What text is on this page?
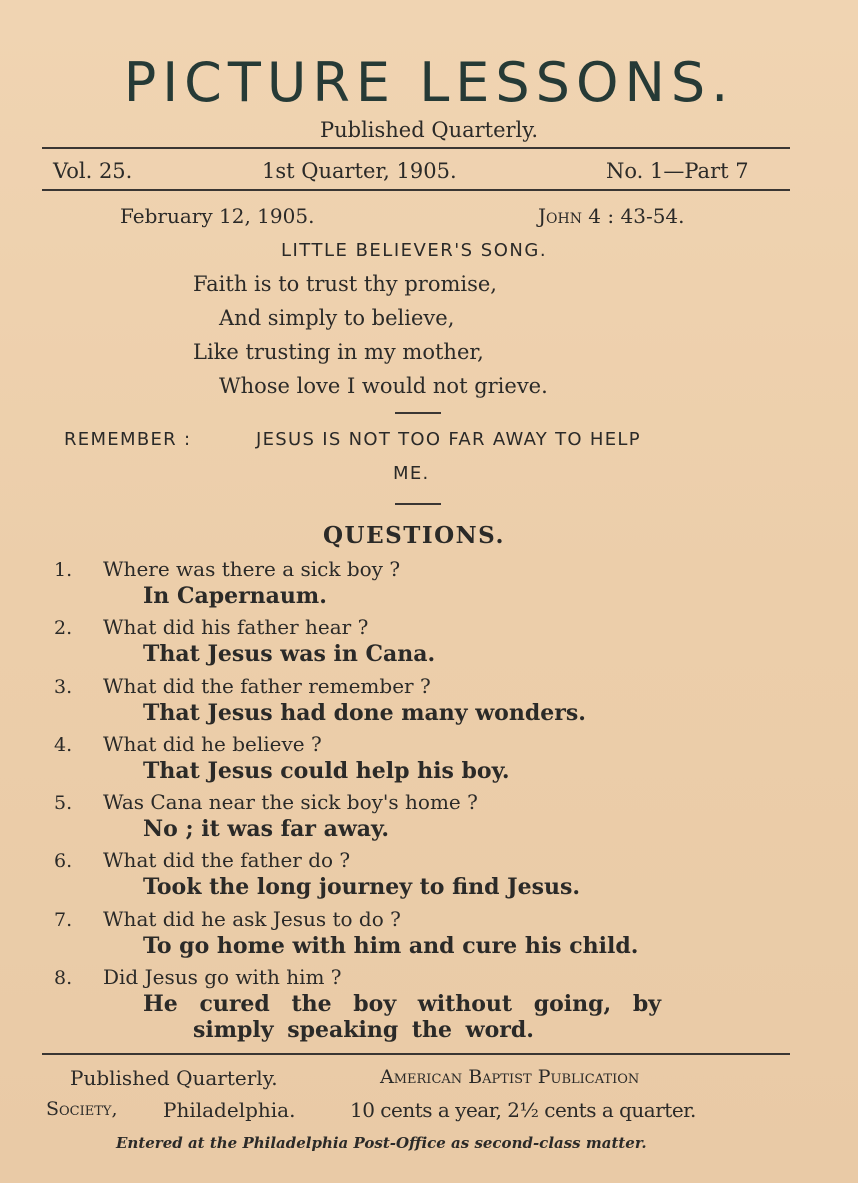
PICTURE LESSONS.
Published Quarterly.
Vol. 25.	1st Quarter, 1905.	No. 1—Part 7
February 12, 1905.	John 4 : 43-54.
LITTLE BELIEVER'S SONG.
Faith is to trust thy promise,
And simply to believe,
Like trusting in my mother,
Whose love I would not grieve.
REMEMBER :	JESUS IS NOT TOO FAR AWAY TO HELP
ME.
QUESTIONS.
1. Where was there a sick boy ?
In Capernaum.
2. What did his father hear ?
That Jesus was in Cana.
3. What did the father remember ?
That Jesus had done many wonders.
4. What did he believe ?
That Jesus could help his boy.
5. Was Cana near the sick boy's home ?
No ; it was far away.
6. What did the father do ?
Took the long journey to find Jesus.
7. What did he ask Jesus to do ?
To go home with him and cure his child.
8. Did Jesus go with him ?
He cured the boy without going, by
simply speaking the word.
Published Quarterly.	American Baptist Publication
Society, Philadelphia.	10 cents a year, 2½ cents a quarter.
Entered at the Philadelphia Post-Office as second-class matter.
